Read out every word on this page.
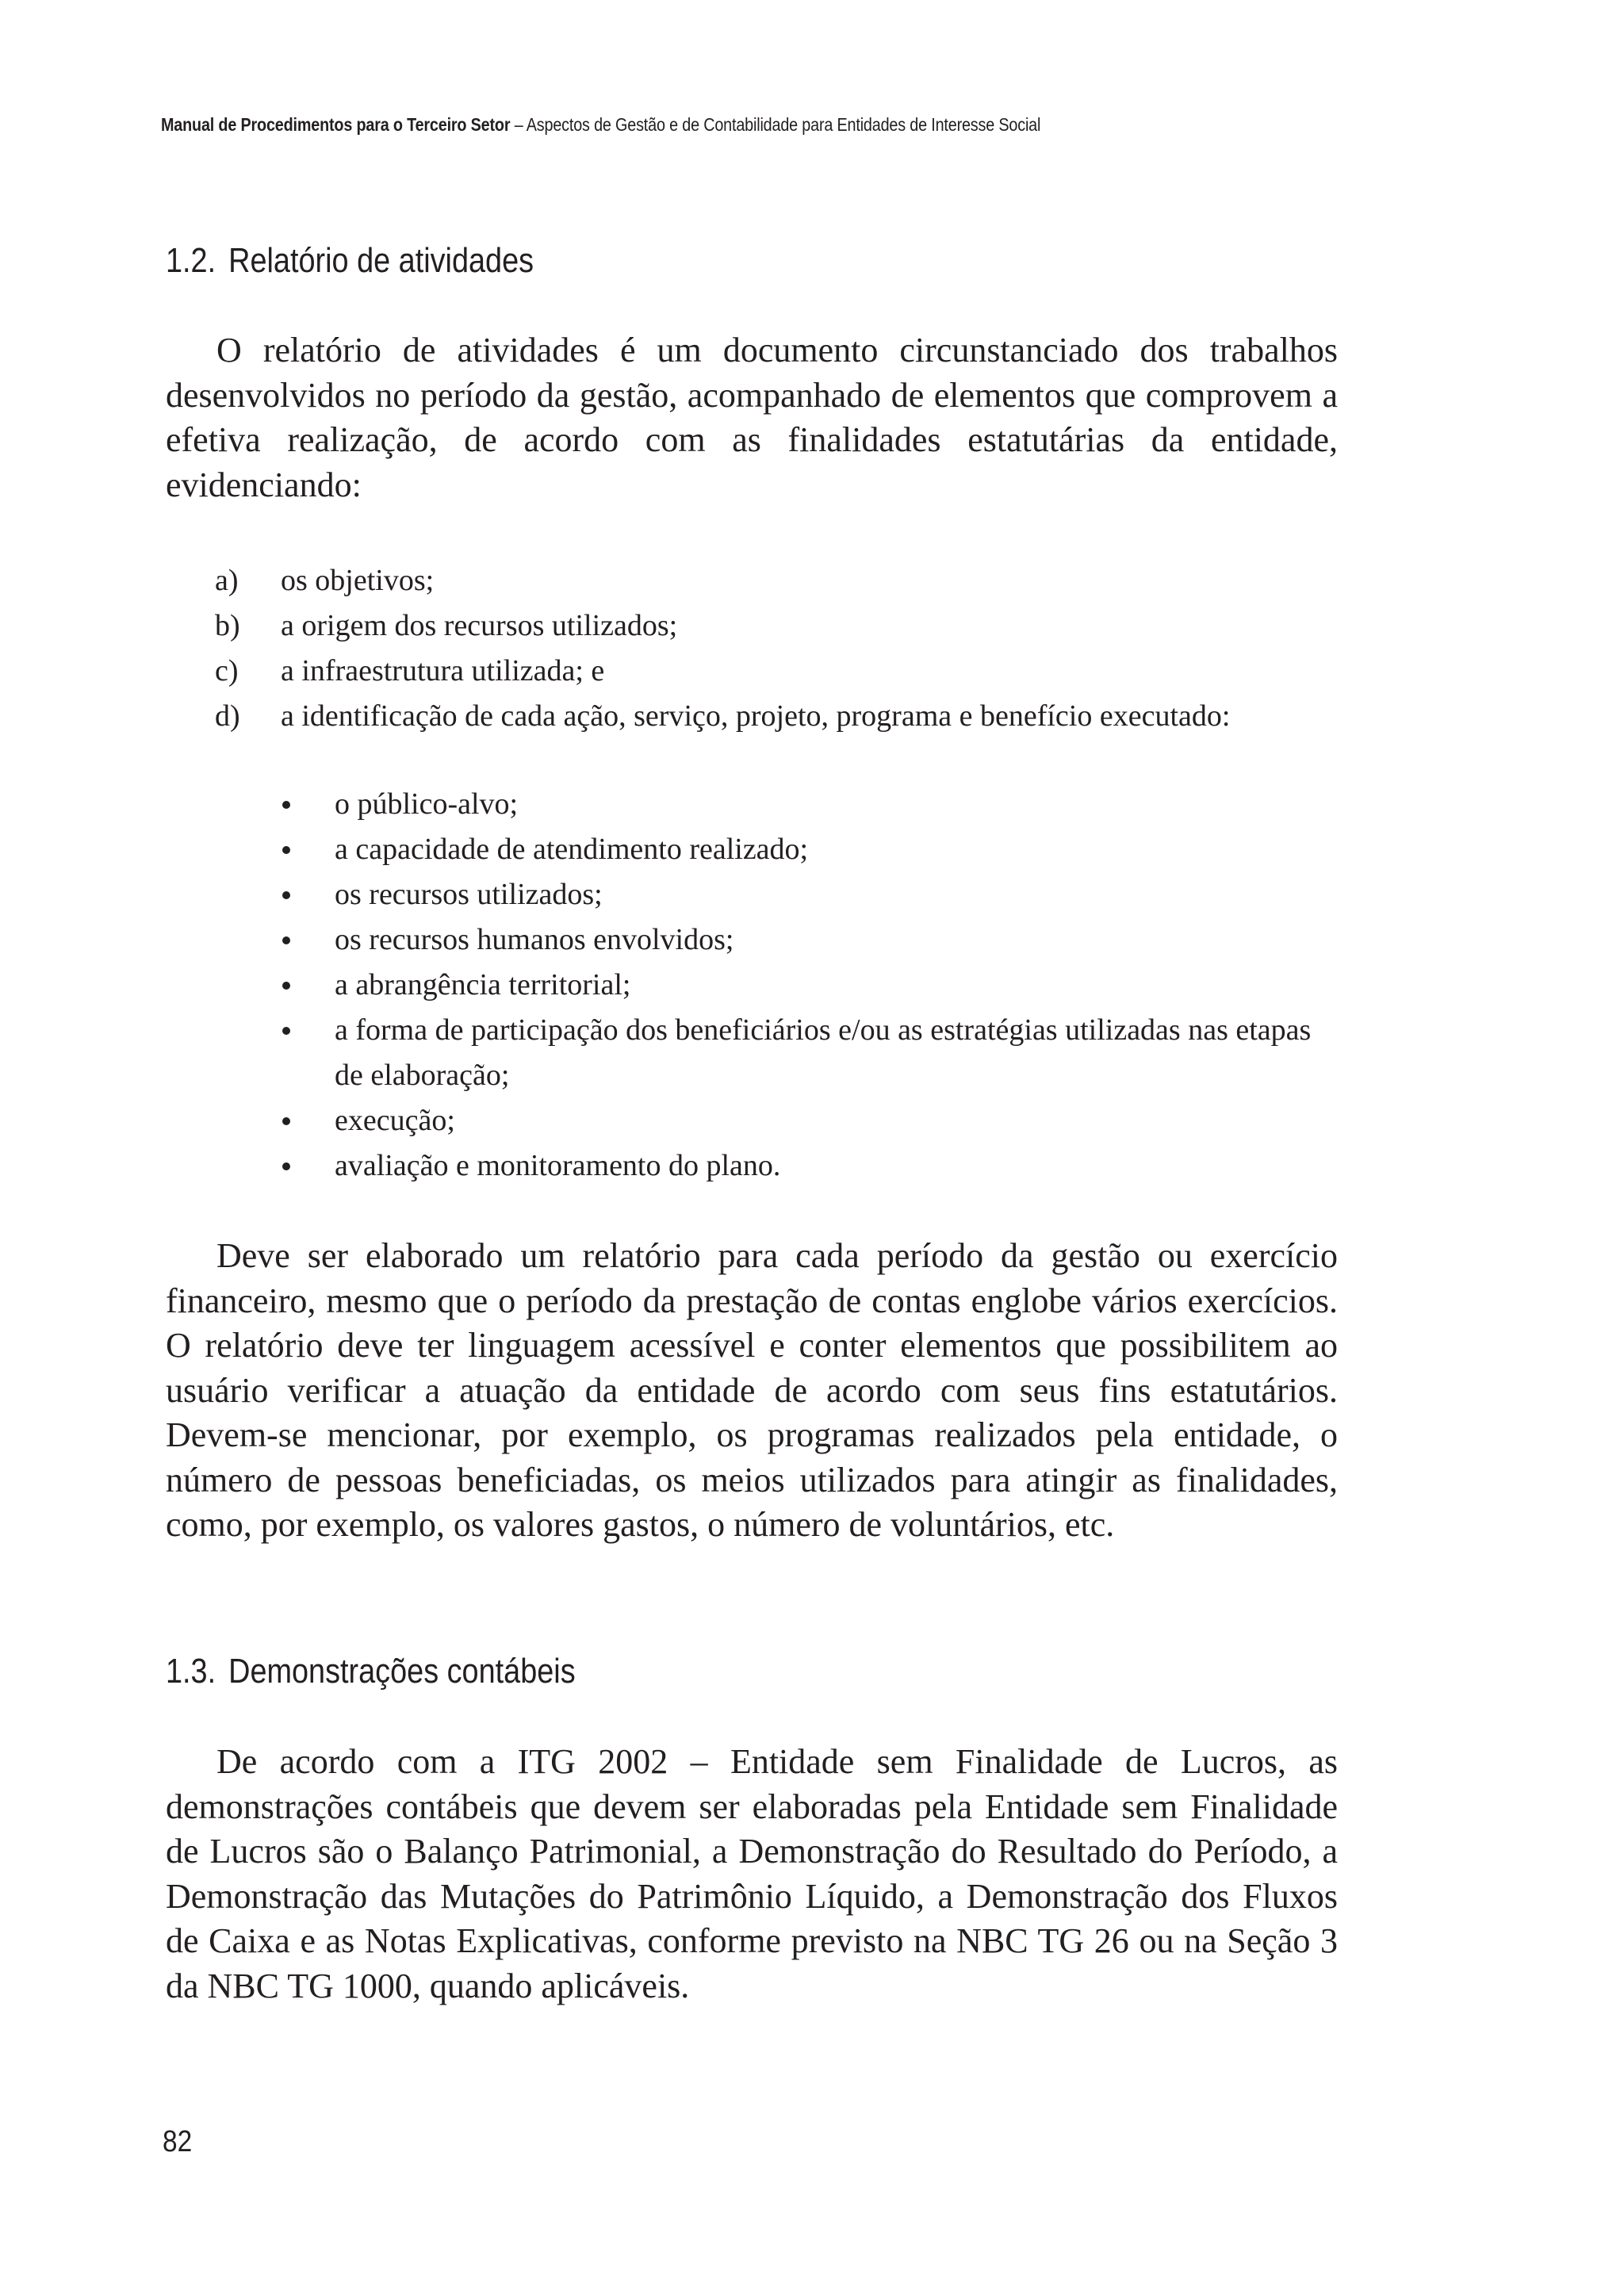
Manual de Procedimentos para o Terceiro Setor – Aspectos de Gestão e de Contabilidade para Entidades de Interesse Social
1.2. Relatório de atividades

O relatório de atividades é um documento circunstanciado dos trabalhos desenvolvidos no período da gestão, acompanhado de elementos que comprovem a efetiva realização, de acordo com as finalidades estatutárias da entidade, evidenciando:

a) os objetivos;
b) a origem dos recursos utilizados;
c) a infraestrutura utilizada; e
d) a identificação de cada ação, serviço, projeto, programa e benefício executado:
o público-alvo;
a capacidade de atendimento realizado;
os recursos utilizados;
os recursos humanos envolvidos;
a abrangência territorial;
a forma de participação dos beneficiários e/ou as estratégias utilizadas nas etapas de elaboração;
execução;
avaliação e monitoramento do plano.

Deve ser elaborado um relatório para cada período da gestão ou exercício financeiro, mesmo que o período da prestação de contas englobe vários exercícios. O relatório deve ter linguagem acessível e conter elementos que possibilitem ao usuário verificar a atuação da entidade de acordo com seus fins estatutários. Devem-se mencionar, por exemplo, os programas realizados pela entidade, o número de pessoas beneficiadas, os meios utilizados para atingir as finalidades, como, por exemplo, os valores gastos, o número de voluntários, etc.

1.3. Demonstrações contábeis

De acordo com a ITG 2002 – Entidade sem Finalidade de Lucros, as demonstrações contábeis que devem ser elaboradas pela Entidade sem Finalidade de Lucros são o Balanço Patrimonial, a Demonstração do Resultado do Período, a Demonstração das Mutações do Patrimônio Líquido, a Demonstração dos Fluxos de Caixa e as Notas Explicativas, conforme previsto na NBC TG 26 ou na Seção 3 da NBC TG 1000, quando aplicáveis.

82
